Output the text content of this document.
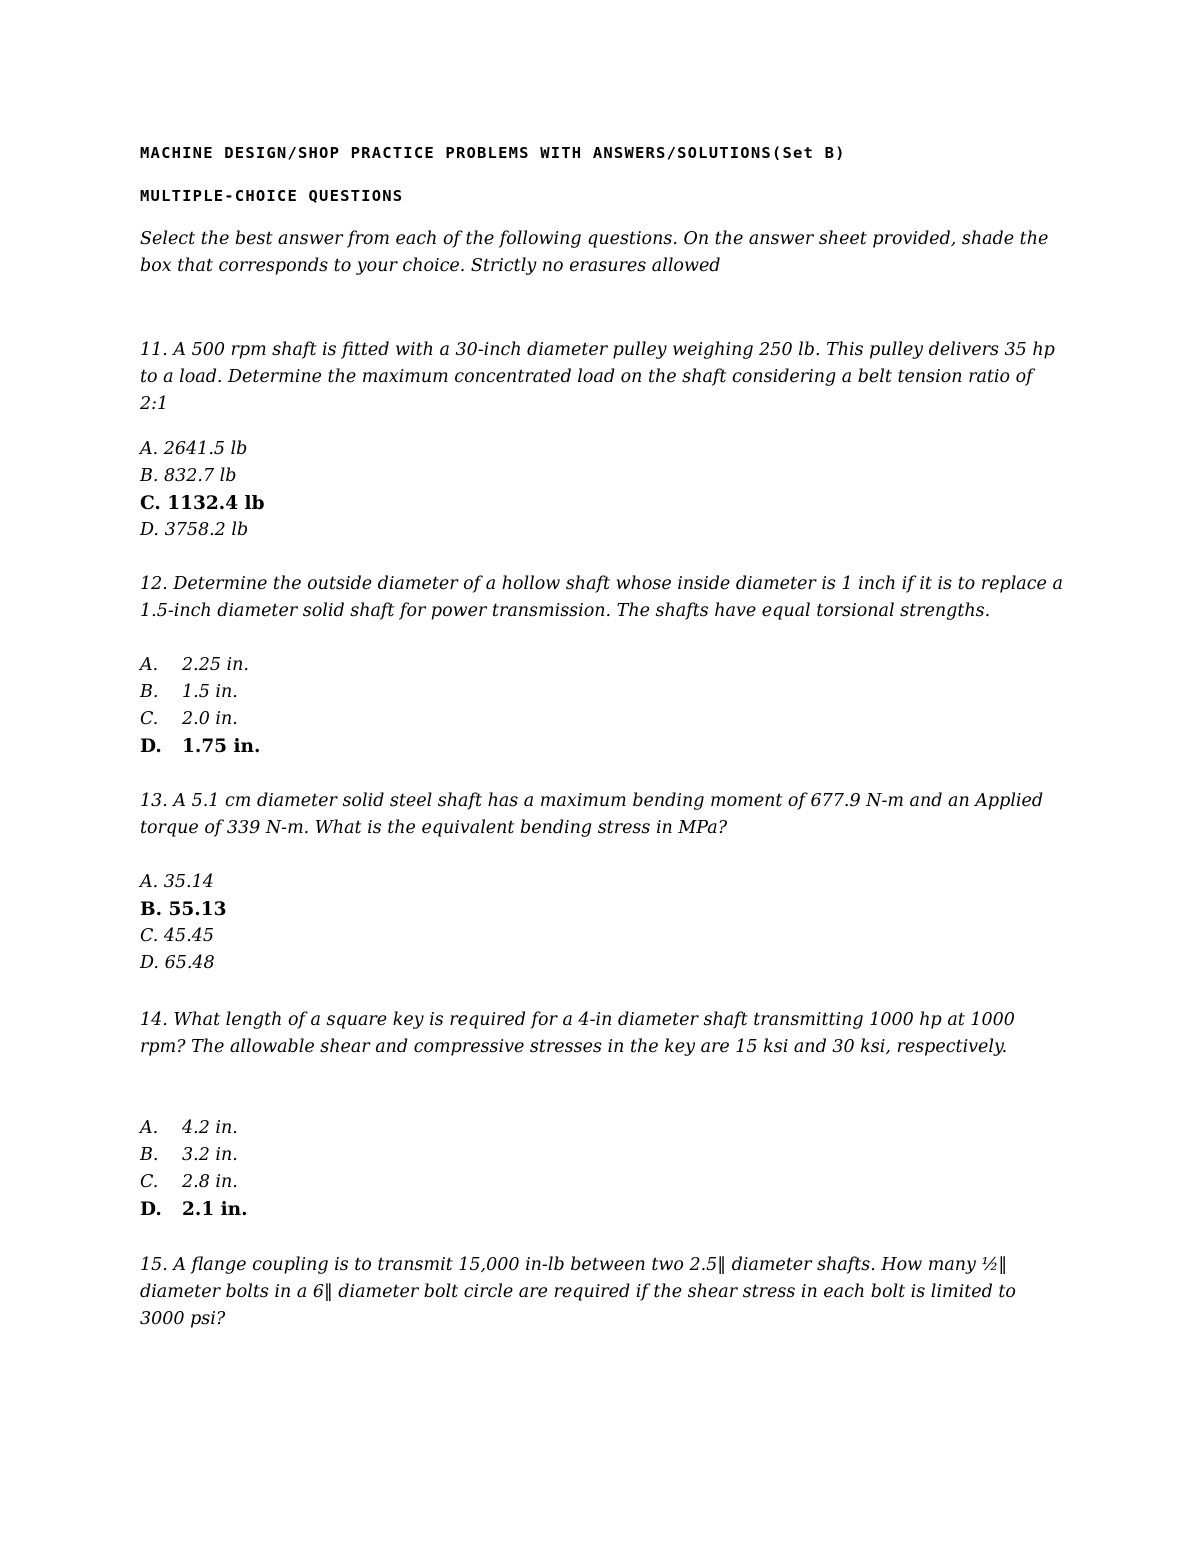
MACHINE DESIGN/SHOP PRACTICE PROBLEMS WITH ANSWERS/SOLUTIONS(Set B)
MULTIPLE-CHOICE QUESTIONS

Select the best answer from each of the following questions. On the answer sheet provided, shade the box that corresponds to your choice. Strictly no erasures allowed

11. A 500 rpm shaft is fitted with a 30-inch diameter pulley weighing 250 lb. This pulley delivers 35 hp to a load. Determine the maximum concentrated load on the shaft considering a belt tension ratio of 2:1

A. 2641.5 lb
B. 832.7 lb
C. 1132.4 lb
D. 3758.2 lb

12. Determine the outside diameter of a hollow shaft whose inside diameter is 1 inch if it is to replace a 1.5-inch diameter solid shaft for power transmission. The shafts have equal torsional strengths.

A. 2.25 in.
B. 1.5 in.
C. 2.0 in.
D. 1.75 in.

13. A 5.1 cm diameter solid steel shaft has a maximum bending moment of 677.9 N-m and an Applied torque of 339 N-m. What is the equivalent bending stress in MPa?

A. 35.14
B. 55.13
C. 45.45
D. 65.48

14. What length of a square key is required for a 4-in diameter shaft transmitting 1000 hp at 1000 rpm? The allowable shear and compressive stresses in the key are 15 ksi and 30 ksi, respectively.

A. 4.2 in.
B. 3.2 in.
C. 2.8 in.
D. 2.1 in.

15. A flange coupling is to transmit 15,000 in-lb between two 2.5‖ diameter shafts. How many ½‖ diameter bolts in a 6‖ diameter bolt circle are required if the shear stress in each bolt is limited to 3000 psi?
